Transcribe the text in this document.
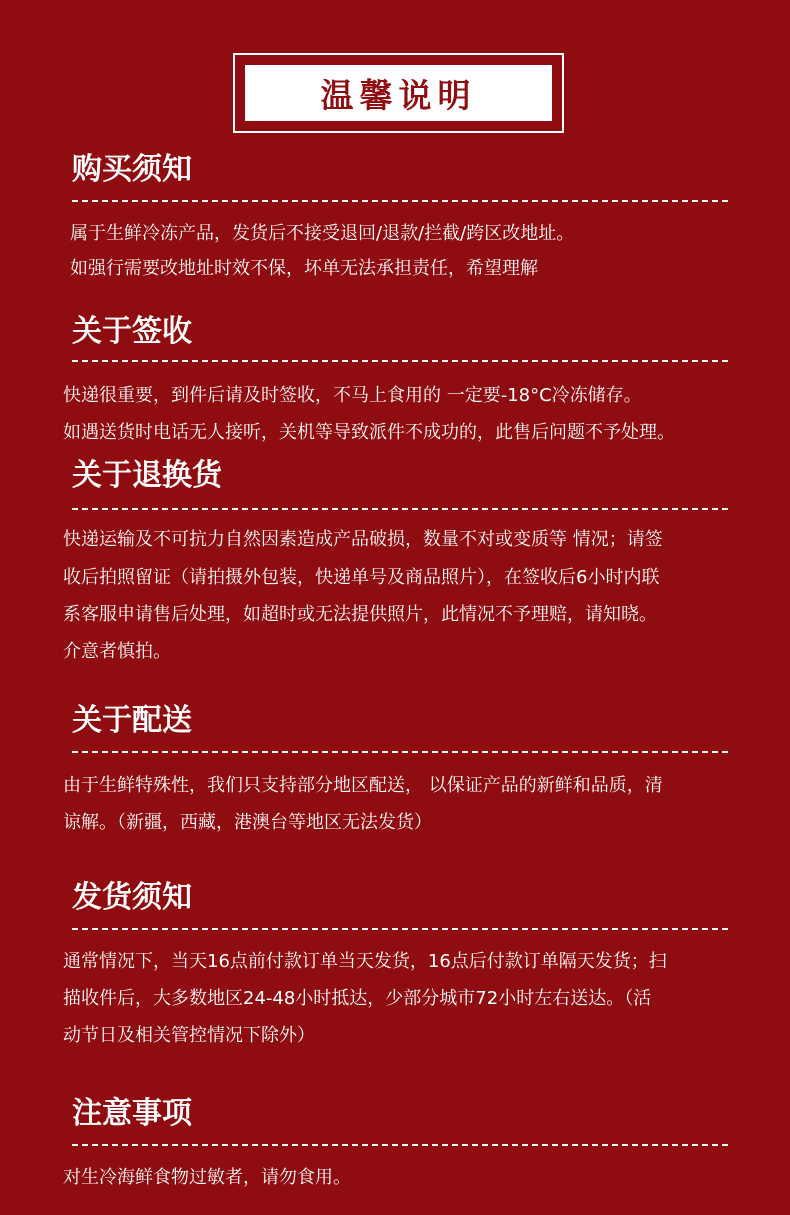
温馨说明
购买须知
属于生鲜冷冻产品，发货后不接受退回/退款/拦截/跨区改地址。
如强行需要改地址时效不保，坏单无法承担责任，希望理解
关于签收
快递很重要，到件后请及时签收，不马上食用的 一定要-18°C冷冻储存。
如遇送货时电话无人接听，关机等导致派件不成功的，此售后问题不予处理。
关于退换货
快递运输及不可抗力自然因素造成产品破损，数量不对或变质等 情况；请签
收后拍照留证（请拍摄外包装，快递单号及商品照片），在签收后6小时内联
系客服申请售后处理，如超时或无法提供照片，此情况不予理赔，请知晓。
介意者慎拍。
关于配送
由于生鲜特殊性，我们只支持部分地区配送， 以保证产品的新鲜和品质，清
谅解。（新疆，西藏，港澳台等地区无法发货）
发货须知
通常情况下，当天16点前付款订单当天发货，16点后付款订单隔天发货；扫
描收件后，大多数地区24-48小时抵达，少部分城市72小时左右送达。（活
动节日及相关管控情况下除外）
注意事项
对生冷海鲜食物过敏者，请勿食用。
